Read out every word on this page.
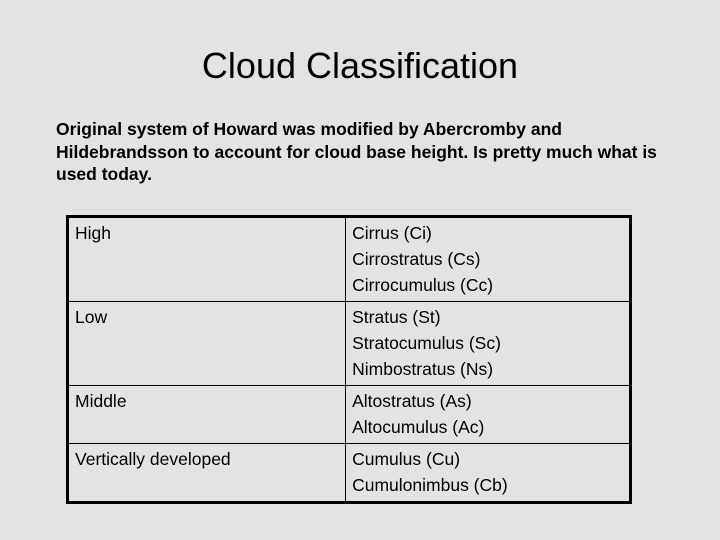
Cloud Classification

Original system of Howard was modified by Abercromby and Hildebrandsson to account for cloud base height. Is pretty much what is used today.

High	Cirrus (Ci)
Cirrostratus (Cs)
Cirrocumulus (Cc)

Low	Stratus (St)
Stratocumulus (Sc)
Nimbostratus (Ns)

Middle	Altostratus (As)
Altocumulus (Ac)

Vertically developed	Cumulus (Cu)
Cumulonimbus (Cb)
